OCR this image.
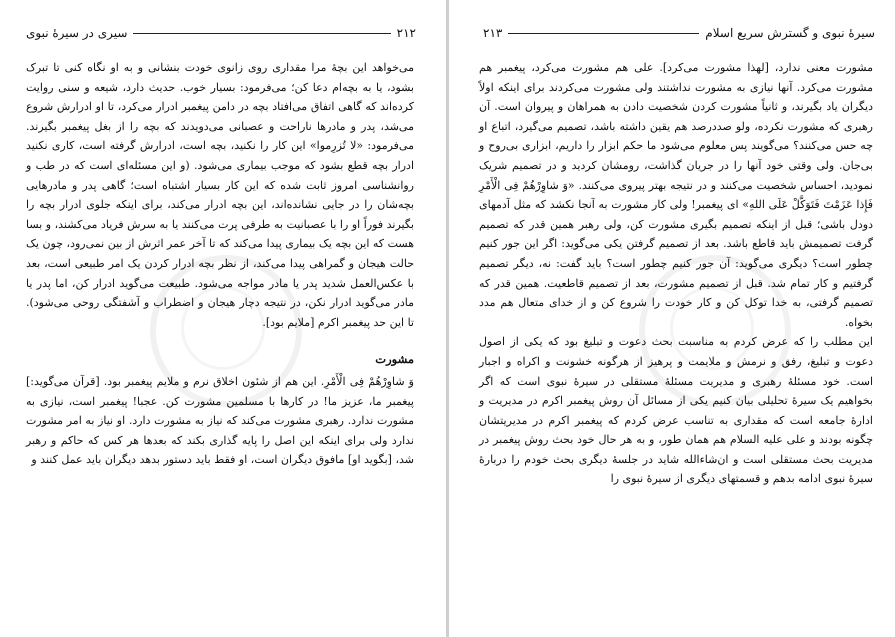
۲۱۲
سیری در سیرهٔ نبوی

می‌خواهد این بچهٔ مرا مقداری روی زانوی خودت بنشانی و به او نگاه کنی تا تبرک بشود، یا به بچه‌ام دعا کن؛ می‌فرمود: بسیار خوب. حدیث دارد، شیعه و سنی روایت کرده‌اند که گاهی اتفاق می‌افتاد بچه در دامن پیغمبر ادرار می‌کرد، تا او ادرارش شروع می‌شد، پدر و مادرها ناراحت و عصبانی می‌دویدند که بچه را از بغل پیغمبر بگیرند. می‌فرمود: «لا تُزرِموا» این کار را نکنید، بچه است، ادرارش گرفته است، کاری نکنید ادرار بچه قطع بشود که موجب بیماری می‌شود. (و این مسئله‌ای است که در طب و روانشناسی امروز ثابت شده که این کار بسیار اشتباه است؛ گاهی پدر و مادرهایی بچه‌شان را در جایی نشانده‌اند، این بچه ادرار می‌کند، برای اینکه جلوی ادرار بچه را بگیرند فوراً او را با عصبانیت به طرفی پرت می‌کنند یا به سرش فریاد می‌کشند، و بسا هست که این بچه یک بیماری پیدا می‌کند که تا آخر عمر اثرش از بین نمی‌رود، چون یک حالت هیجان و گمراهی پیدا می‌کند، از نظر بچه ادرار کردن یک امر طبیعی است، بعد با عکس‌العمل شدید پدر یا مادر مواجه می‌شود. طبیعت می‌گوید ادرار کن، اما پدر یا مادر می‌گوید ادرار نکن، در نتیجه دچار هیجان و اضطراب و آشفتگی روحی می‌شود). تا این حد پیغمبر اکرم [ملایم بود].

مشورت

وَ شاوِرْهُمْ فِی الْأَمْرِ. این هم از شئون اخلاق نرم و ملایم پیغمبر بود. [قرآن می‌گوید:] پیغمبر ما، عزیز ما! در کارها با مسلمین مشورت کن. عجبا! پیغمبر است، نیازی به مشورت ندارد. رهبری مشورت می‌کند که نیاز به مشورت دارد. او نیاز به امر مشورت ندارد ولی برای اینکه این اصل را پایه گذاری بکند که بعدها هر کس که حاکم و رهبر شد، [بگوید او] مافوق دیگران است، او فقط باید دستور بدهد دیگران باید عمل کنند و

سیرهٔ نبوی و گسترش سریع اسلام
۲۱۳

مشورت معنی ندارد، [لهذا مشورت می‌کرد]. علی هم مشورت می‌کرد، پیغمبر هم مشورت می‌کرد. آنها نیازی به مشورت نداشتند ولی مشورت می‌کردند برای اینکه اولاً دیگران یاد بگیرند، و ثانیاً مشورت کردن شخصیت دادن به همراهان و پیروان است. آن رهبری که مشورت نکرده، ولو صددرصد هم یقین داشته باشد، تصمیم می‌گیرد، اتباع او چه حس می‌کنند؟ می‌گویند پس معلوم می‌شود ما حکم ابزار را داریم، ابزاری بی‌روح و بی‌جان. ولی وقتی خود آنها را در جریان گذاشت، رومشان کردید و در تصمیم شریک نمودید، احساس شخصیت می‌کنند و در نتیجه بهتر پیروی می‌کنند. «وَ شاوِرْهُمْ فِی الْأَمْرِ فَإِذا عَزَمْتَ فَتَوَکَّلْ عَلَی اللهِ» ای پیغمبر! ولی کار مشورت به آنجا نکشد که مثل آدمهای دودل باشی؛ قبل از اینکه تصمیم بگیری مشورت کن، ولی رهبر همین قدر که تصمیم گرفت تصمیمش باید قاطع باشد. بعد از تصمیم گرفتن یکی می‌گوید: اگر این جور کنیم چطور است؟ دیگری می‌گوید: آن جور کنیم چطور است؟ باید گفت: نه، دیگر تصمیم گرفتیم و کار تمام شد. قبل از تصمیم مشورت، بعد از تصمیم قاطعیت. همین قدر که تصمیم گرفتی، به خدا توکل کن و کار خودت را شروع کن و از خدای متعال هم مدد بخواه.

این مطلب را که عرض کردم به مناسبت بحث دعوت و تبلیغ بود که یکی از اصول دعوت و تبلیغ، رفق و نرمش و ملایمت و پرهیز از هرگونه خشونت و اکراه و اجبار است. خود مسئلهٔ رهبری و مدیریت مسئلهٔ مستقلی در سیرهٔ نبوی است که اگر بخواهیم یک سیرهٔ تحلیلی بیان کنیم یکی از مسائل آن روش پیغمبر اکرم در مدیریت و ادارهٔ جامعه است که مقداری به تناسب عرض کردم که پیغمبر اکرم در مدیریتشان چگونه بودند و علی علیه السلام هم همان طور، و به هر حال خود بحث روش پیغمبر در مدیریت بحث مستقلی است و ان‌شاءالله شاید در جلسهٔ دیگری بحث خودم را دربارهٔ سیرهٔ نبوی ادامه بدهم و قسمتهای دیگری از سیرهٔ نبوی را
